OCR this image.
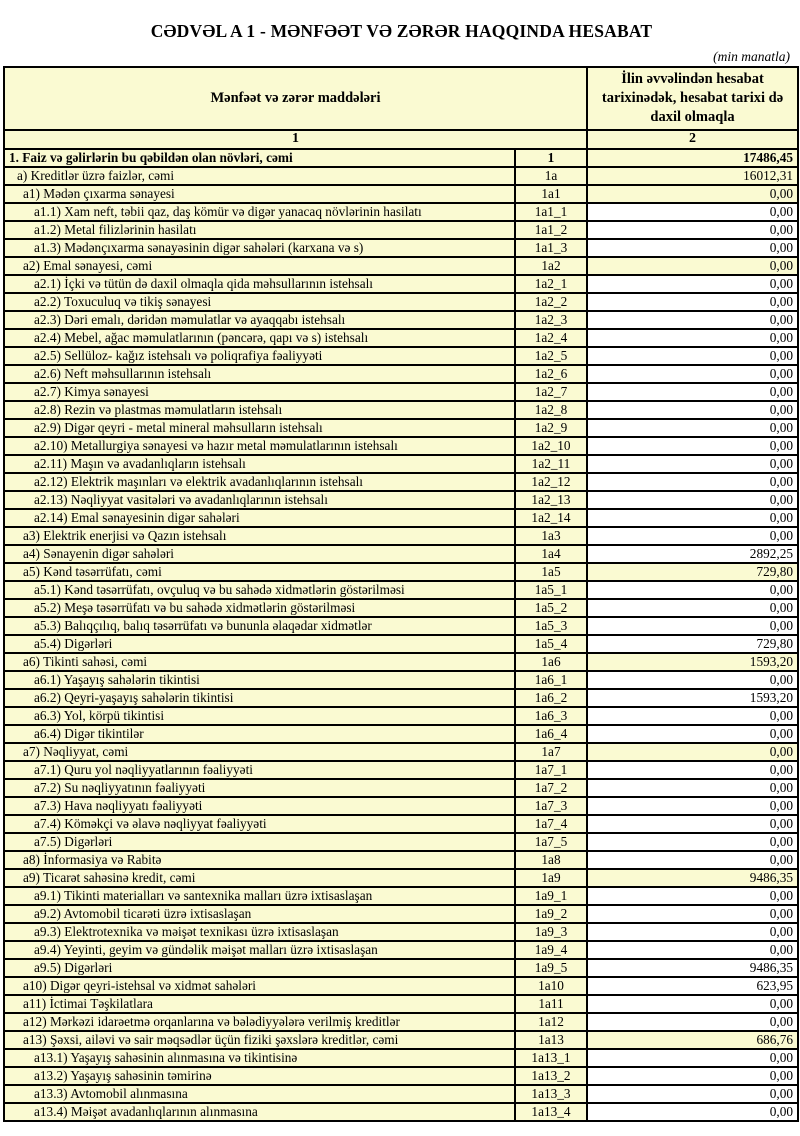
CƏDVƏL A 1 - MƏNFƏƏT VƏ ZƏRƏR HAQQINDA HESABAT
(min manatla)
Mənfəət və zərər maddələri		İlin əvvəlindən hesabat tarixinədək, hesabat tarixi də daxil olmaqla
1		2
1. Faiz və gəlirlərin bu qəbildən olan növləri, cəmi	1	17486,45
a) Kreditlər üzrə faizlər, cəmi	1a	16012,31
a1) Mədən çıxarma sənayesi	1a1	0,00
a1.1) Xam neft, təbii qaz, daş kömür və digər yanacaq növlərinin hasilatı	1a1_1	0,00
a1.2) Metal filizlərinin hasilatı	1a1_2	0,00
a1.3) Mədənçıxarma sənayəsinin digər sahələri (karxana və s)	1a1_3	0,00
a2) Emal sənayesi, cəmi	1a2	0,00
a2.1) İçki və tütün də daxil olmaqla qida məhsullarının istehsalı	1a2_1	0,00
a2.2) Toxuculuq və tikiş sənayesi	1a2_2	0,00
a2.3) Dəri emalı, dəridən məmulatlar və ayaqqabı istehsalı	1a2_3	0,00
a2.4) Mebel, ağac məmulatlarının (pəncərə, qapı və s) istehsalı	1a2_4	0,00
a2.5) Sellüloz- kağız istehsalı və poliqrafiya fəaliyyəti	1a2_5	0,00
a2.6) Neft məhsullarının istehsalı	1a2_6	0,00
a2.7) Kimya sənayesi	1a2_7	0,00
a2.8) Rezin və plastmas məmulatların istehsalı	1a2_8	0,00
a2.9) Digər qeyri - metal mineral məhsulların istehsalı	1a2_9	0,00
a2.10) Metallurgiya sənayesi və hazır metal məmulatlarının istehsalı	1a2_10	0,00
a2.11) Maşın və avadanlıqların istehsalı	1a2_11	0,00
a2.12) Elektrik maşınları və elektrik avadanlıqlarının istehsalı	1a2_12	0,00
a2.13) Nəqliyyat vasitələri və avadanlıqlarının istehsalı	1a2_13	0,00
a2.14) Emal sənayesinin digər sahələri	1a2_14	0,00
a3) Elektrik enerjisi və Qazın istehsalı	1a3	0,00
a4) Sənayenin digər sahələri	1a4	2892,25
a5) Kənd təsərrüfatı, cəmi	1a5	729,80
a5.1) Kənd təsərrüfatı, ovçuluq və bu sahədə xidmətlərin göstərilməsi	1a5_1	0,00
a5.2) Meşə təsərrüfatı və bu sahədə xidmətlərin göstərilməsi	1a5_2	0,00
a5.3) Balıqçılıq, balıq təsərrüfatı və bununla əlaqədar xidmətlər	1a5_3	0,00
a5.4) Digərləri	1a5_4	729,80
a6) Tikinti sahəsi, cəmi	1a6	1593,20
a6.1) Yaşayış sahələrin tikintisi	1a6_1	0,00
a6.2) Qeyri-yaşayış sahələrin tikintisi	1a6_2	1593,20
a6.3) Yol, körpü tikintisi	1a6_3	0,00
a6.4) Digər tikintilər	1a6_4	0,00
a7) Nəqliyyat, cəmi	1a7	0,00
a7.1) Quru yol nəqliyyatlarının fəaliyyəti	1a7_1	0,00
a7.2) Su nəqliyyatının fəaliyyəti	1a7_2	0,00
a7.3) Hava nəqliyyatı fəaliyyəti	1a7_3	0,00
a7.4) Köməkçi və əlavə nəqliyyat fəaliyyəti	1a7_4	0,00
a7.5) Digərləri	1a7_5	0,00
a8) İnformasiya və Rabitə	1a8	0,00
a9) Ticarət sahəsinə kredit, cəmi	1a9	9486,35
a9.1) Tikinti materialları və santexnika malları üzrə ixtisaslaşan	1a9_1	0,00
a9.2) Avtomobil ticarəti üzrə ixtisaslaşan	1a9_2	0,00
a9.3) Elektrotexnika və məişət texnikası üzrə ixtisaslaşan	1a9_3	0,00
a9.4) Yeyinti, geyim və gündəlik məişət malları üzrə ixtisaslaşan	1a9_4	0,00
a9.5) Digərləri	1a9_5	9486,35
a10) Digər qeyri-istehsal və xidmət sahələri	1a10	623,95
a11) İctimai Təşkilatlara	1a11	0,00
a12) Mərkəzi idarəetmə orqanlarına və bələdiyyələrə verilmiş kreditlər	1a12	0,00
a13) Şəxsi, ailəvi və sair məqsədlər üçün fiziki şəxslərə kreditlər, cəmi	1a13	686,76
a13.1) Yaşayış sahəsinin alınmasına və tikintisinə	1a13_1	0,00
a13.2) Yaşayış sahəsinin təmirinə	1a13_2	0,00
a13.3) Avtomobil alınmasına	1a13_3	0,00
a13.4) Məişət avadanlıqlarının alınmasına	1a13_4	0,00
